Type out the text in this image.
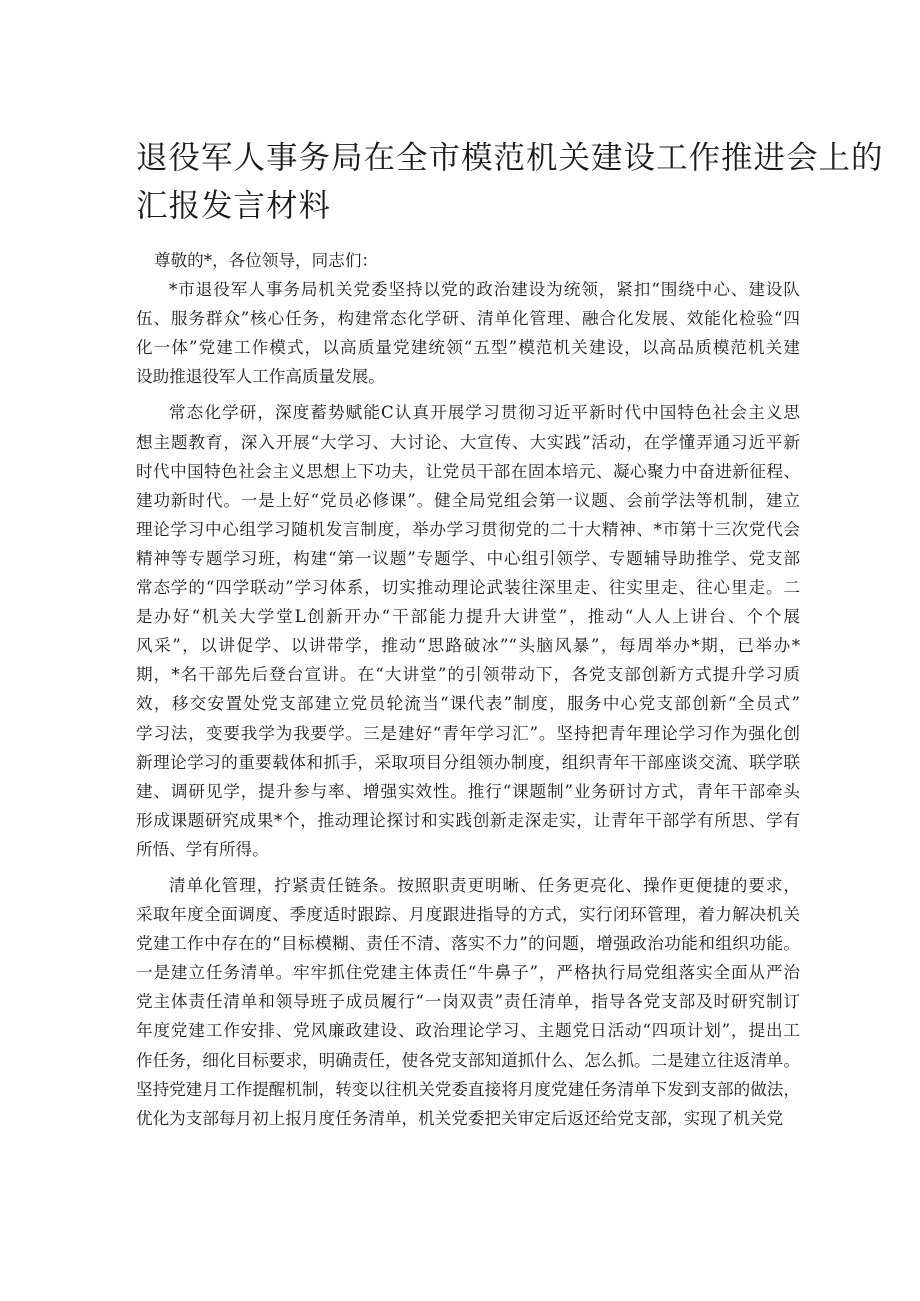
退役军人事务局在全市模范机关建设工作推进会上的
汇报发言材料

尊敬的*，各位领导，同志们：

*市退役军人事务局机关党委坚持以党的政治建设为统领，紧扣“围绕中心、建设队
伍、服务群众”核心任务，构建常态化学研、清单化管理、融合化发展、效能化检验“四
化一体”党建工作模式，以高质量党建统领“五型”模范机关建设，以高品质模范机关建
设助推退役军人工作高质量发展。

常态化学研，深度蓄势赋能C认真开展学习贯彻习近平新时代中国特色社会主义思
想主题教育，深入开展“大学习、大讨论、大宣传、大实践”活动，在学懂弄通习近平新
时代中国特色社会主义思想上下功夫，让党员干部在固本培元、凝心聚力中奋进新征程、
建功新时代。一是上好“党员必修课”。健全局党组会第一议题、会前学法等机制，建立
理论学习中心组学习随机发言制度，举办学习贯彻党的二十大精神、*市第十三次党代会
精神等专题学习班，构建“第一议题”专题学、中心组引领学、专题辅导助推学、党支部
常态学的“四学联动”学习体系，切实推动理论武装往深里走、往实里走、往心里走。二
是办好“机关大学堂L创新开办“干部能力提升大讲堂”，推动“人人上讲台、个个展
风采”，以讲促学、以讲带学，推动“思路破冰”“头脑风暴”，每周举办*期，已举办*
期，*名干部先后登台宣讲。在“大讲堂”的引领带动下，各党支部创新方式提升学习质
效，移交安置处党支部建立党员轮流当“课代表”制度，服务中心党支部创新“全员式”
学习法，变要我学为我要学。三是建好“青年学习汇”。坚持把青年理论学习作为强化创
新理论学习的重要载体和抓手，采取项目分组领办制度，组织青年干部座谈交流、联学联
建、调研见学，提升参与率、增强实效性。推行“课题制”业务研讨方式，青年干部牵头
形成课题研究成果*个，推动理论探讨和实践创新走深走实，让青年干部学有所思、学有
所悟、学有所得。

清单化管理，拧紧责任链条。按照职责更明晰、任务更亮化、操作更便捷的要求，
采取年度全面调度、季度适时跟踪、月度跟进指导的方式，实行闭环管理，着力解决机关
党建工作中存在的“目标模糊、责任不清、落实不力”的问题，增强政治功能和组织功能。
一是建立任务清单。牢牢抓住党建主体责任“牛鼻子”，严格执行局党组落实全面从严治
党主体责任清单和领导班子成员履行“一岗双责”责任清单，指导各党支部及时研究制订
年度党建工作安排、党风廉政建设、政治理论学习、主题党日活动“四项计划”，提出工
作任务，细化目标要求，明确责任，使各党支部知道抓什么、怎么抓。二是建立往返清单。
坚持党建月工作提醒机制，转变以往机关党委直接将月度党建任务清单下发到支部的做法，
优化为支部每月初上报月度任务清单，机关党委把关审定后返还给党支部，实现了机关党
